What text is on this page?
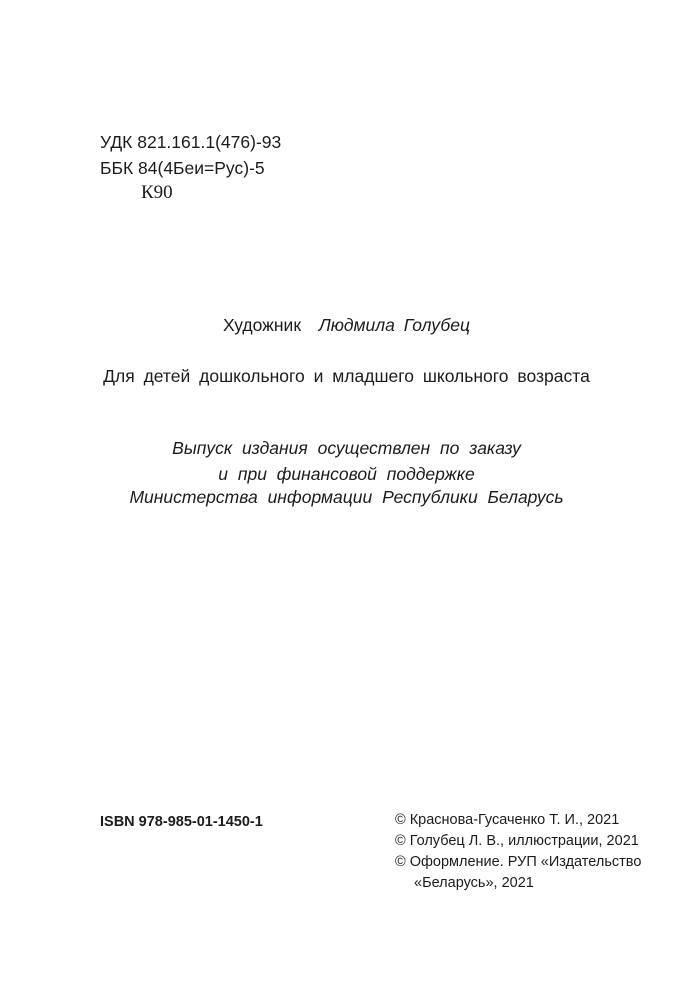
УДК 821.161.1(476)-93
ББК 84(4Беи=Рус)-5
К90
Художник Людмила Голубец
Для детей дошкольного и младшего школьного возраста
Выпуск издания осуществлен по заказу
и при финансовой поддержке
Министерства информации Республики Беларусь
ISBN 978-985-01-1450-1	© Краснова-Гусаченко Т. И., 2021
© Голубец Л. В., иллюстрации, 2021
© Оформление. РУП «Издательство
«Беларусь», 2021
